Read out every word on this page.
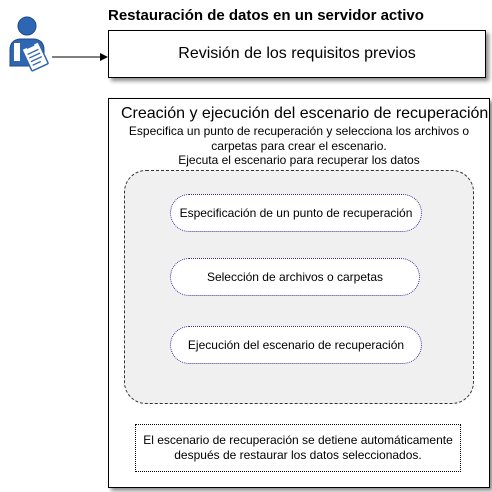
Restauración de datos en un servidor activo
Revisión de los requisitos previos
Creación y ejecución del escenario de recuperación
Especifica un punto de recuperación y selecciona los archivos o
carpetas para crear el escenario.
Ejecuta el escenario para recuperar los datos
Especificación de un punto de recuperación
Selección de archivos o carpetas
Ejecución del escenario de recuperación
El escenario de recuperación se detiene automáticamente
después de restaurar los datos seleccionados.
